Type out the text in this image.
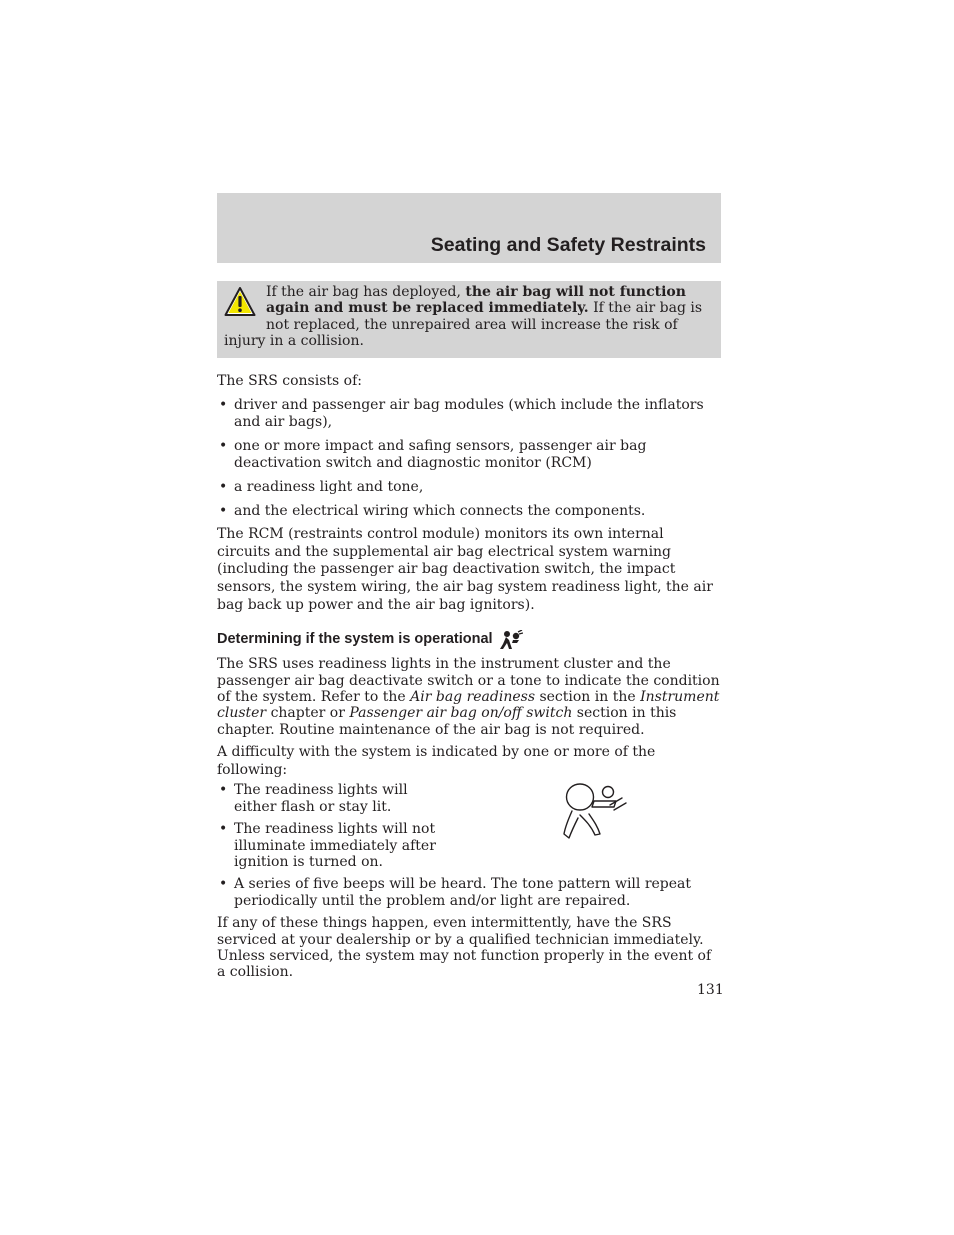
Seating and Safety Restraints
If the air bag has deployed, the air bag will not function again and must be replaced immediately. If the air bag is not replaced, the unrepaired area will increase the risk of injury in a collision.

The SRS consists of:

• driver and passenger air bag modules (which include the inflators and air bags),
• one or more impact and safing sensors, passenger air bag deactivation switch and diagnostic monitor (RCM)
• a readiness light and tone,
• and the electrical wiring which connects the components.

The RCM (restraints control module) monitors its own internal circuits and the supplemental air bag electrical system warning (including the passenger air bag deactivation switch, the impact sensors, the system wiring, the air bag system readiness light, the air bag back up power and the air bag ignitors).

Determining if the system is operational

The SRS uses readiness lights in the instrument cluster and the passenger air bag deactivate switch or a tone to indicate the condition of the system. Refer to the Air bag readiness section in the Instrument cluster chapter or Passenger air bag on/off switch section in this chapter. Routine maintenance of the air bag is not required.

A difficulty with the system is indicated by one or more of the following:

• The readiness lights will either flash or stay lit.
• The readiness lights will not illuminate immediately after ignition is turned on.
• A series of five beeps will be heard. The tone pattern will repeat periodically until the problem and/or light are repaired.

If any of these things happen, even intermittently, have the SRS serviced at your dealership or by a qualified technician immediately. Unless serviced, the system may not function properly in the event of a collision.

131
